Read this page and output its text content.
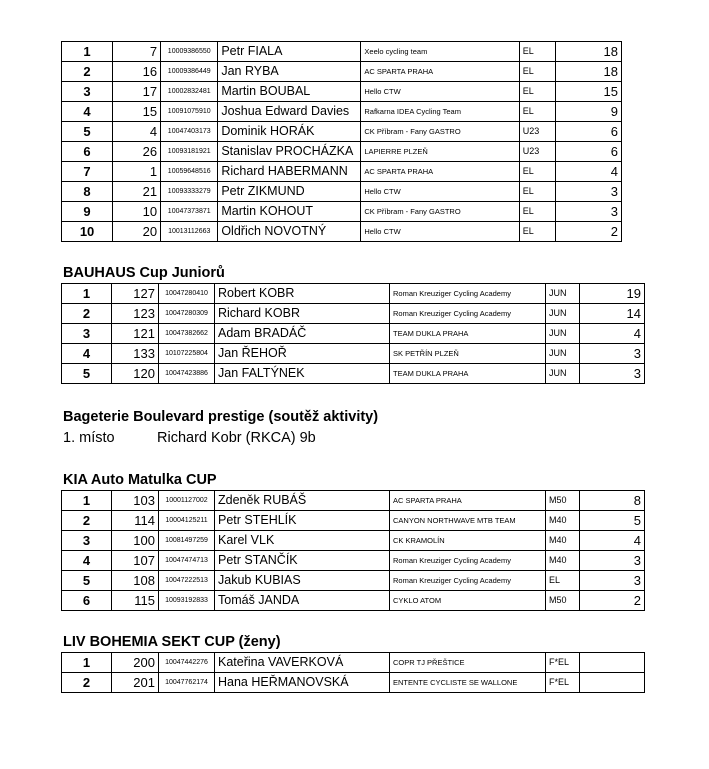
1	7	10009386550	Petr FIALA	Xeelo cycling team	EL	18
2	16	10009386449	Jan RYBA	AC SPARTA PRAHA	EL	18
3	17	10002832481	Martin BOUBAL	Hello CTW	EL	15
4	15	10091075910	Joshua Edward Davies	Rafkarna IDEA Cycling Team	EL	9
5	4	10047403173	Dominik HORÁK	CK Příbram - Fany GASTRO	U23	6
6	26	10093181921	Stanislav PROCHÁZKA	LAPIERRE PLZEŇ	U23	6
7	1	10059648516	Richard HABERMANN	AC SPARTA PRAHA	EL	4
8	21	10093333279	Petr ZIKMUND	Hello CTW	EL	3
9	10	10047373871	Martin KOHOUT	CK Příbram - Fany GASTRO	EL	3
10	20	10013112663	Oldřich NOVOTNÝ	Hello CTW	EL	2
BAUHAUS Cup Juniorů
1	127	10047280410	Robert KOBR	Roman Kreuziger Cycling Academy	JUN	19
2	123	10047280309	Richard KOBR	Roman Kreuziger Cycling Academy	JUN	14
3	121	10047382662	Adam BRADÁČ	TEAM DUKLA PRAHA	JUN	4
4	133	10107225804	Jan ŘEHOŘ	SK PETŘÍN PLZEŇ	JUN	3
5	120	10047423886	Jan FALTÝNEK	TEAM DUKLA PRAHA	JUN	3
Bageterie Boulevard prestige (soutěž aktivity)
1. místo	Richard Kobr (RKCA) 9b
KIA Auto Matulka CUP
1	103	10001127002	Zdeněk RUBÁŠ	AC SPARTA PRAHA	M50	8
2	114	10004125211	Petr STEHLÍK	CANYON NORTHWAVE MTB TEAM	M40	5
3	100	10081497259	Karel VLK	CK KRAMOLÍN	M40	4
4	107	10047474713	Petr STANČÍK	Roman Kreuziger Cycling Academy	M40	3
5	108	10047222513	Jakub KUBIAS	Roman Kreuziger Cycling Academy	EL	3
6	115	10093192833	Tomáš JANDA	CYKLO ATOM	M50	2
LIV BOHEMIA SEKT CUP (ženy)
1	200	10047442276	Kateřina VAVERKOVÁ	COPR TJ PŘEŠTICE	F*EL	
2	201	10047762174	Hana HEŘMANOVSKÁ	ENTENTE CYCLISTE SE WALLONE	F*EL	
